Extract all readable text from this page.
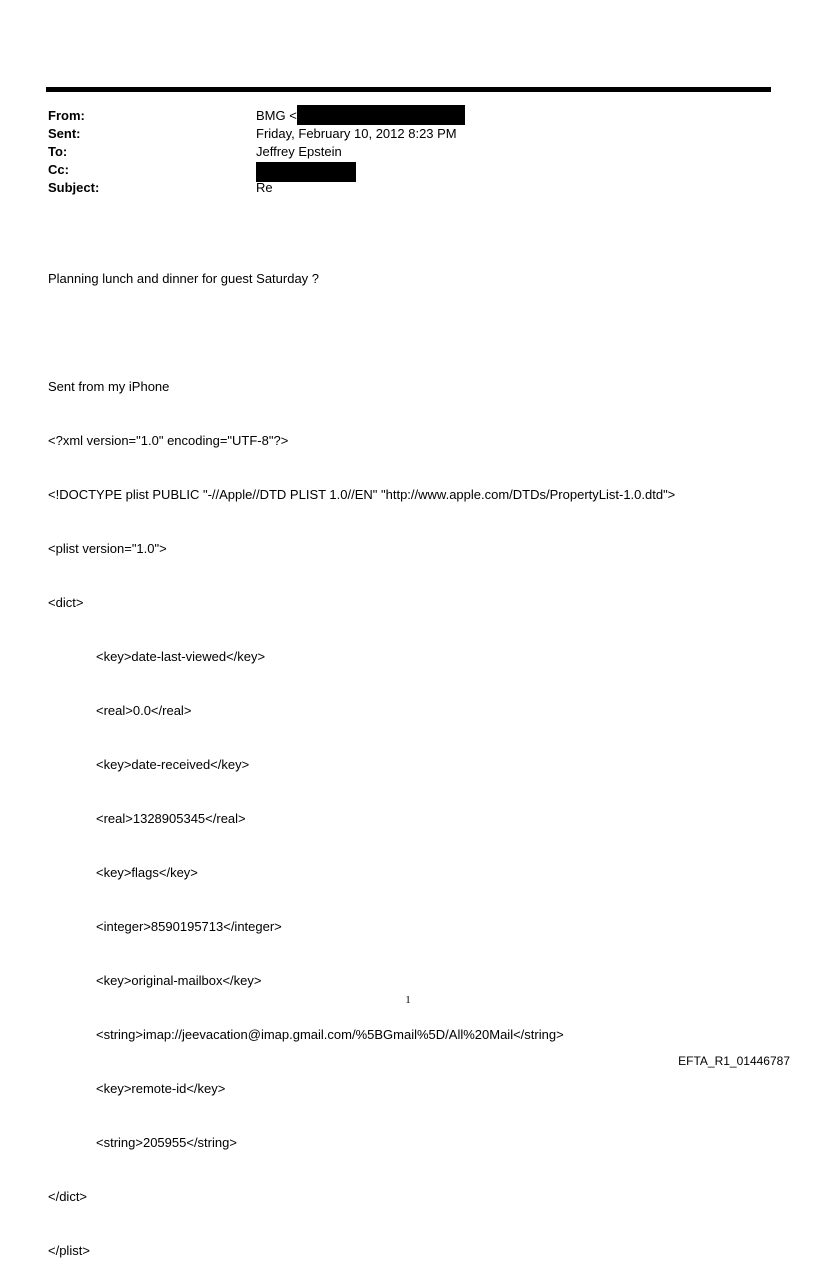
From:	BMG <
Sent:	Friday, February 10, 2012 8:23 PM
To:	Jeffrey Epstein
Cc:
Subject:	Re

Planning lunch and dinner for guest Saturday ?

Sent from my iPhone

<?xml version="1.0" encoding="UTF-8"?>

<!DOCTYPE plist PUBLIC "-//Apple//DTD PLIST 1.0//EN" "http://www.apple.com/DTDs/PropertyList-1.0.dtd">

<plist version="1.0">

<dict>

<key>date-last-viewed</key>

<real>0.0</real>

<key>date-received</key>

<real>1328905345</real>

<key>flags</key>

<integer>8590195713</integer>

<key>original-mailbox</key>

<string>imap://jeevacation@imap.gmail.com/%5BGmail%5D/All%20Mail</string>

<key>remote-id</key>

<string>205955</string>

</dict>

</plist>

1
EFTA_R1_01446787
